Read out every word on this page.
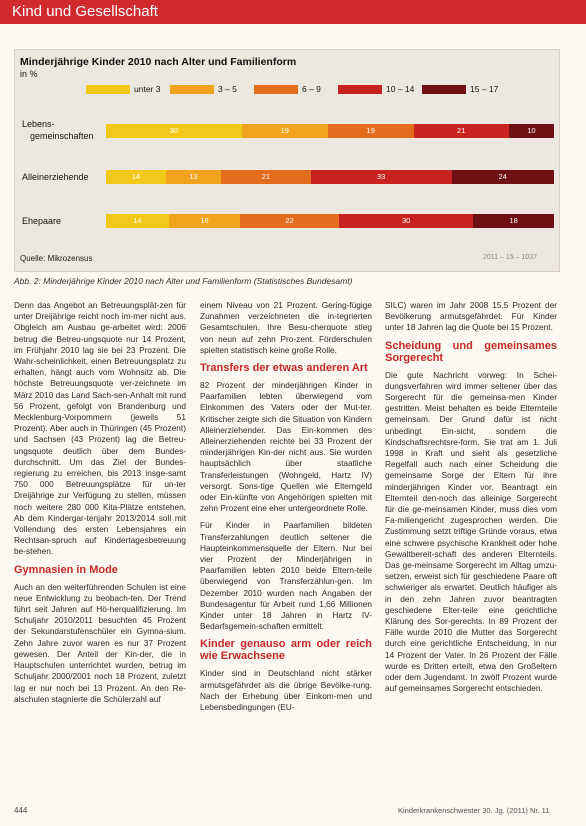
Kind und Gesellschaft
Minderjährige Kinder 2010 nach Alter und Familienform
in %
unter 3	3 – 5	6 – 9	10 – 14	15 – 17
Lebens-
gemeinschaften
30	19	19	21	10
Alleinerziehende	14	13	21	33	24
Ehepaare	14	16	22	30	18
Quelle: Mikrozensus	2011 – 15 – 1037
Abb. 2: Minderjährige Kinder 2010 nach Alter und Familienform (Statistisches Bundesamt)

Denn das Angebot an Betreuungsplät-zen für unter Dreijährige reicht noch im-mer nicht aus. Obgleich am Ausbau ge-arbeitet wird: 2006 betrug die Betreu-ungsquote nur 14 Prozent, im Frühjahr 2010 lag sie bei 23 Prozent. Die Wahr-scheinlichkeit, einen Betreuungsplatz zu erhalten, hängt auch vom Wohnsitz ab. Die höchste Betreuungsquote ver-zeichnete im März 2010 das Land Sach-sen-Anhalt mit rund 56 Prozent, gefolgt von Brandenburg und Mecklenburg-Vorpommern (jeweils 51 Prozent). Aber auch in Thüringen (45 Prozent) und Sachsen (43 Prozent) lag die Betreu-ungsquote deutlich über dem Bundes-durchschnitt. Um das Ziel der Bundes-regierung zu erreichen, bis 2013 insge-samt 750 000 Betreuungsplätze für un-ter Dreijährige zur Verfügung zu stellen, müssen noch weitere 280 000 Kita-Plätze entstehen. Ab dem Kindergar-tenjahr 2013/2014 soll mit Vollendung des ersten Lebensjahres ein Rechtsan-spruch auf Kindertagesbetreuung be-stehen.

Gymnasien in Mode

Auch an den weiterführenden Schulen ist eine neue Entwicklung zu beobach-ten. Der Trend führt seit Jahren auf Hö-herqualifizierung. Im Schuljahr 2010/2011 besuchten 45 Prozent der Sekundarstufenschüler ein Gymna-sium. Zehn Jahre zuvor waren es nur 37 Prozent gewesen. Der Anteil der Kin-der, die in Hauptschulen unterrichtet wurden, betrug im Schuljahr 2000/2001 noch 18 Prozent, zuletzt lag er nur noch bei 13 Prozent. An den Re-alschulen stagnierte die Schülerzahl auf

einem Niveau von 21 Prozent. Gering-fügige Zunahmen verzeichneten die in-tegrierten Gesamtschulen. Ihre Besu-cherquote stieg von neun auf zehn Pro-zent. Förderschulen spielten statistisch keine große Rolle.

Transfers der etwas anderen Art

82 Prozent der minderjährigen Kinder in Paarfamilien lebten überwiegend vom Einkommen des Vaters oder der Mut-ter. Kritischer zeigte sich die Situation von Kindern Alleinerziehender. Das Ein-kommen des Alleinerziehenden reichte bei 33 Prozent der minderjährigen Kin-der nicht aus. Sie wurden hauptsächlich über staatliche Transferleistungen (Wohngeld, Hartz IV) versorgt. Sons-tige Quellen wie Elterngeld oder Ein-künfte von Angehörigen spielten mit zehn Prozent eine eher untergeordnete Rolle.

Für Kinder in Paarfamilien bildeten Transferzahlungen deutlich seltener die Haupteinkommensquelle der Eltern. Nur bei vier Prozent der Minderjährigen in Paarfamilien lebten 2010 beide Eltern-teile überwiegend von Transferzahlun-gen. Im Dezember 2010 wurden nach Angaben der Bundesagentur für Arbeit rund 1,66 Millionen Kinder unter 18 Jahren in Hartz IV-Bedarfsgemein-schaften ermittelt.

Kinder genauso arm oder reich wie Erwachsene

Kinder sind in Deutschland nicht stärker armutsgefährdet als die übrige Bevölke-rung. Nach der Erhebung über Einkom-men und Lebensbedingungen (EU-

SILC) waren im Jahr 2008 15,5 Prozent der Bevölkerung armutsgefährdet. Für Kinder unter 18 Jahren lag die Quote bei 15 Prozent.

Scheidung und gemeinsames Sorgerecht

Die gute Nachricht vorweg: In Schei-dungsverfahren wird immer seltener über das Sorgerecht für die gemeinsa-men Kinder gestritten. Meist behalten es beide Elternteile gemeinsam. Der Grund dafür ist nicht unbedingt Ein-sicht, sondern die Kindschaftsrechtsre-form. Sie trat am 1. Juli 1998 in Kraft und sieht als gesetzliche Regelfall auch nach einer Scheidung die gemeinsame Sorge der Eltern für ihre minderjährigen Kinder vor. Beantragt ein Elternteil den-noch das alleinige Sorgerecht für die ge-meinsamen Kinder, muss dies vom Fa-miliengericht zugesprochen werden. Die Zustimmung setzt triftige Gründe voraus, etwa eine schwere psychische Krankheit oder hohe Gewaltbereit-schaft des anderen Elternteils. Das ge-meinsame Sorgerecht im Alltag umzu-setzen, erweist sich für geschiedene Paare oft schwieriger als erwartet. Deutlich häufiger als in den zehn Jahren zuvor beantragten geschiedene Elter-teile eine gerichtliche Klärung des Sor-gerechts. In 89 Prozent der Fälle wurde 2010 die Mutter das Sorgerecht durch eine gerichtliche Entscheidung, in nur 14 Prozent der Vater. In 26 Prozent der Fälle wurde es Dritten erteilt, etwa den Großeltern oder dem Jugendamt. In zwölf Prozent wurde auf gemeinsames Sorgerecht entschieden.

444	Kinderkrankenschwester 30. Jg. (2011) Nr. 11
